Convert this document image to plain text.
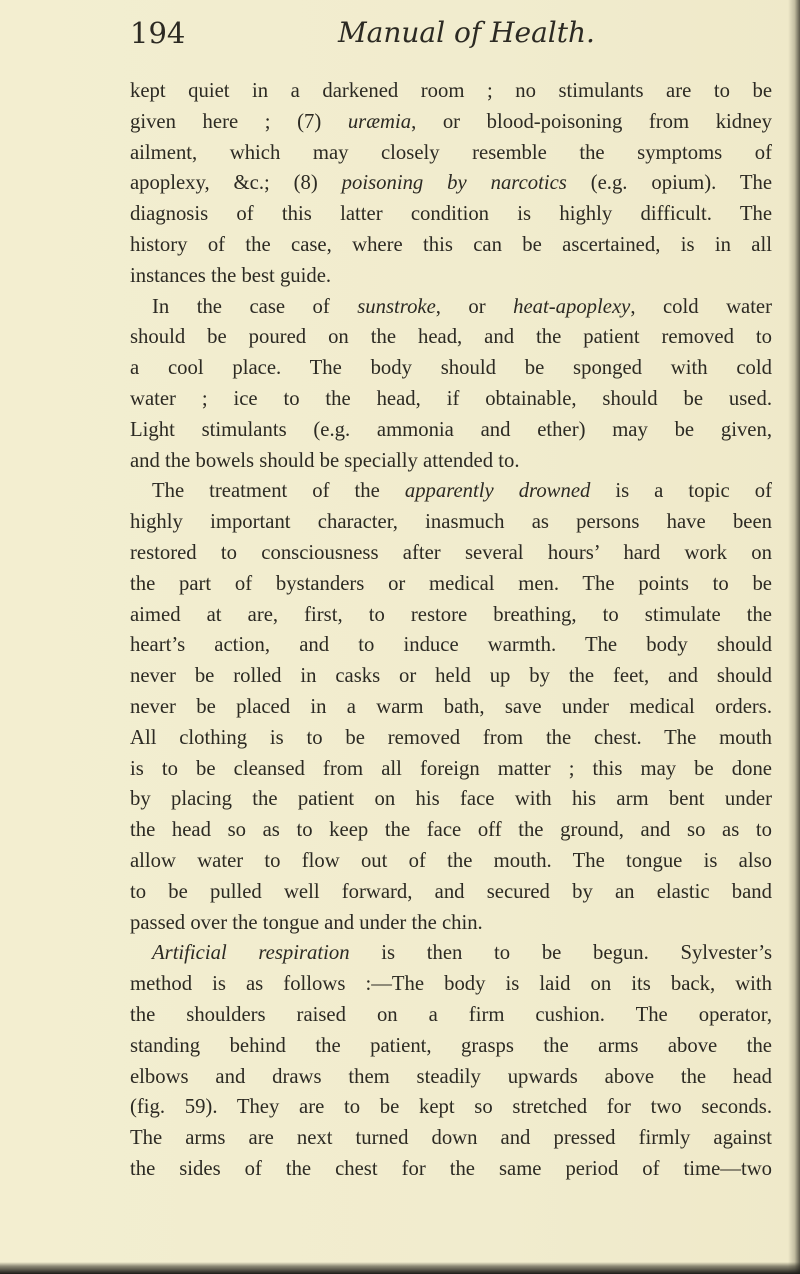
194	Manual of Health.
kept quiet in a darkened room ; no stimulants are to be
given here ; (7) uræmia, or blood-poisoning from kidney
ailment, which may closely resemble the symptoms of
apoplexy, &c.; (8) poisoning by narcotics (e.g. opium). The
diagnosis of this latter condition is highly difficult. The
history of the case, where this can be ascertained, is in all
instances the best guide.
In the case of sunstroke, or heat-apoplexy, cold water
should be poured on the head, and the patient removed to
a cool place. The body should be sponged with cold
water ; ice to the head, if obtainable, should be used.
Light stimulants (e.g. ammonia and ether) may be given,
and the bowels should be specially attended to.
The treatment of the apparently drowned is a topic of
highly important character, inasmuch as persons have been
restored to consciousness after several hours’ hard work on
the part of bystanders or medical men. The points to be
aimed at are, first, to restore breathing, to stimulate the
heart’s action, and to induce warmth. The body should
never be rolled in casks or held up by the feet, and should
never be placed in a warm bath, save under medical orders.
All clothing is to be removed from the chest. The mouth
is to be cleansed from all foreign matter ; this may be done
by placing the patient on his face with his arm bent under
the head so as to keep the face off the ground, and so as to
allow water to flow out of the mouth. The tongue is also
to be pulled well forward, and secured by an elastic band
passed over the tongue and under the chin.
Artificial respiration is then to be begun. Sylvester’s
method is as follows :—The body is laid on its back, with
the shoulders raised on a firm cushion. The operator,
standing behind the patient, grasps the arms above the
elbows and draws them steadily upwards above the head
(fig. 59). They are to be kept so stretched for two seconds.
The arms are next turned down and pressed firmly against
the sides of the chest for the same period of time—two
